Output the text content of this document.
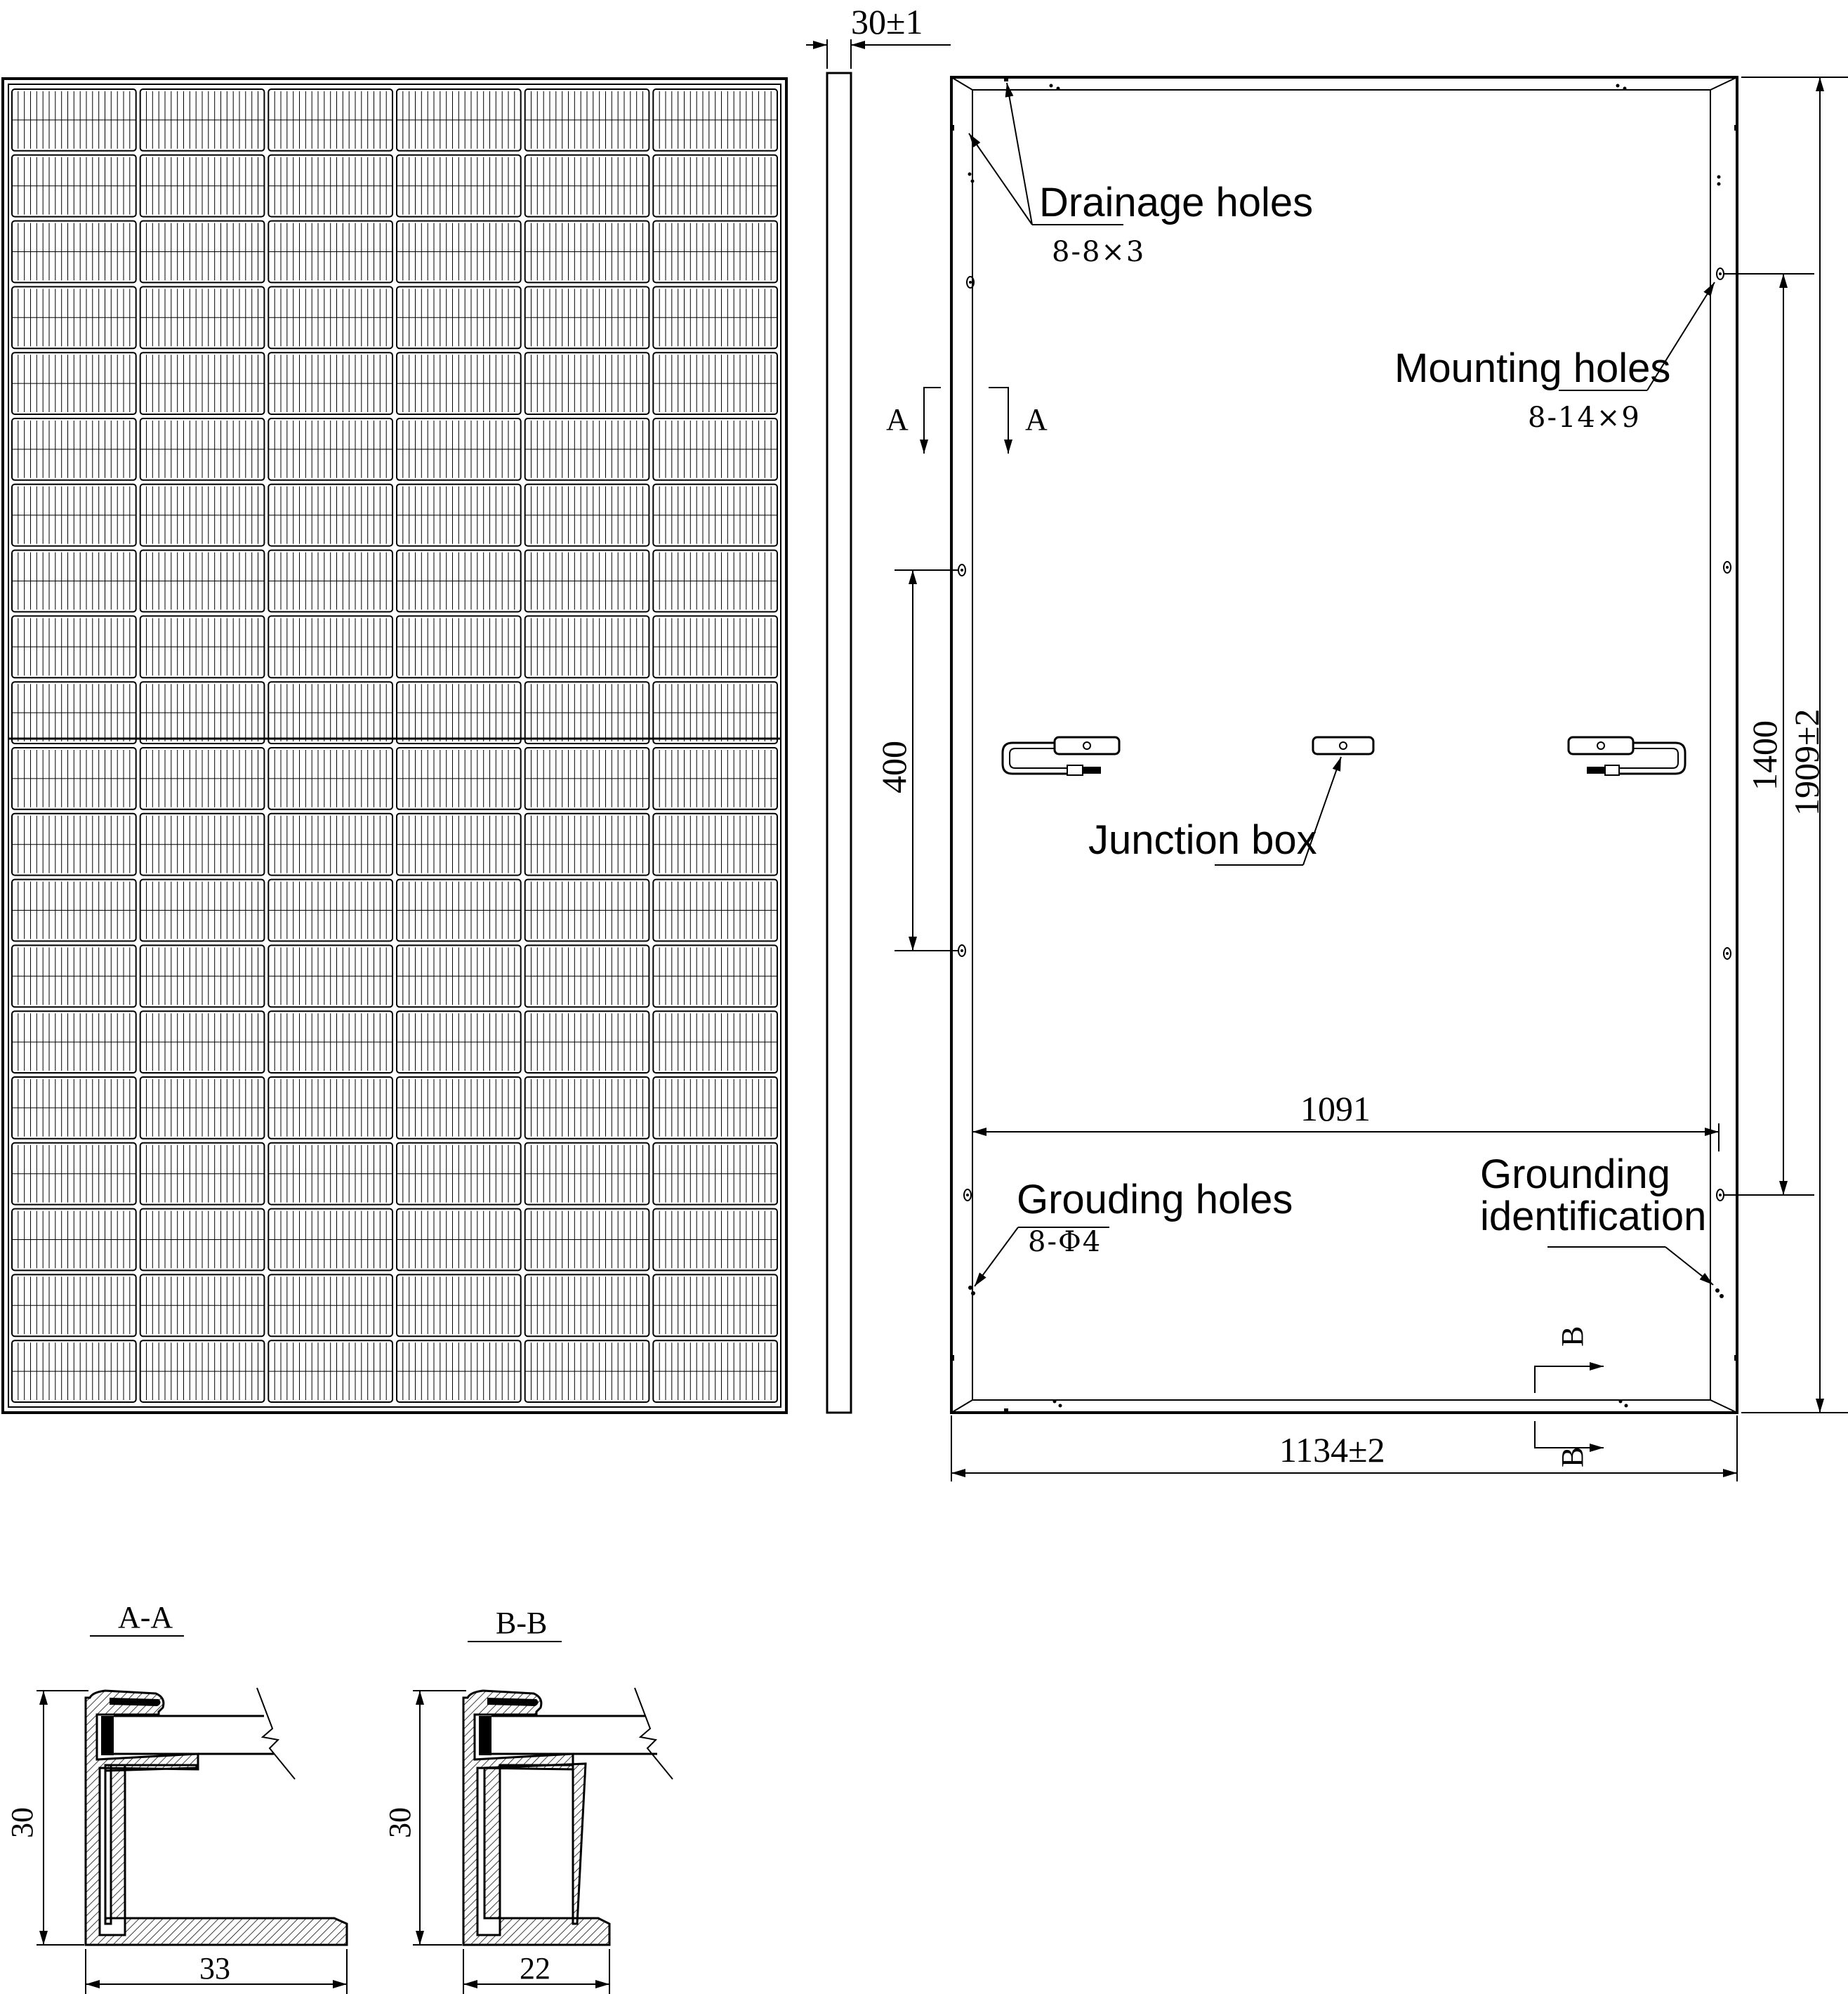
30±1
Drainage holes
8-8×3
Mounting holes
8-14×9
Junction box
Grouding holes
8-Φ4
Grounding
identification
A	A
B
B
400	1400 1909±2
1091
1134±2
A-A
30
33
B-B
30
22
